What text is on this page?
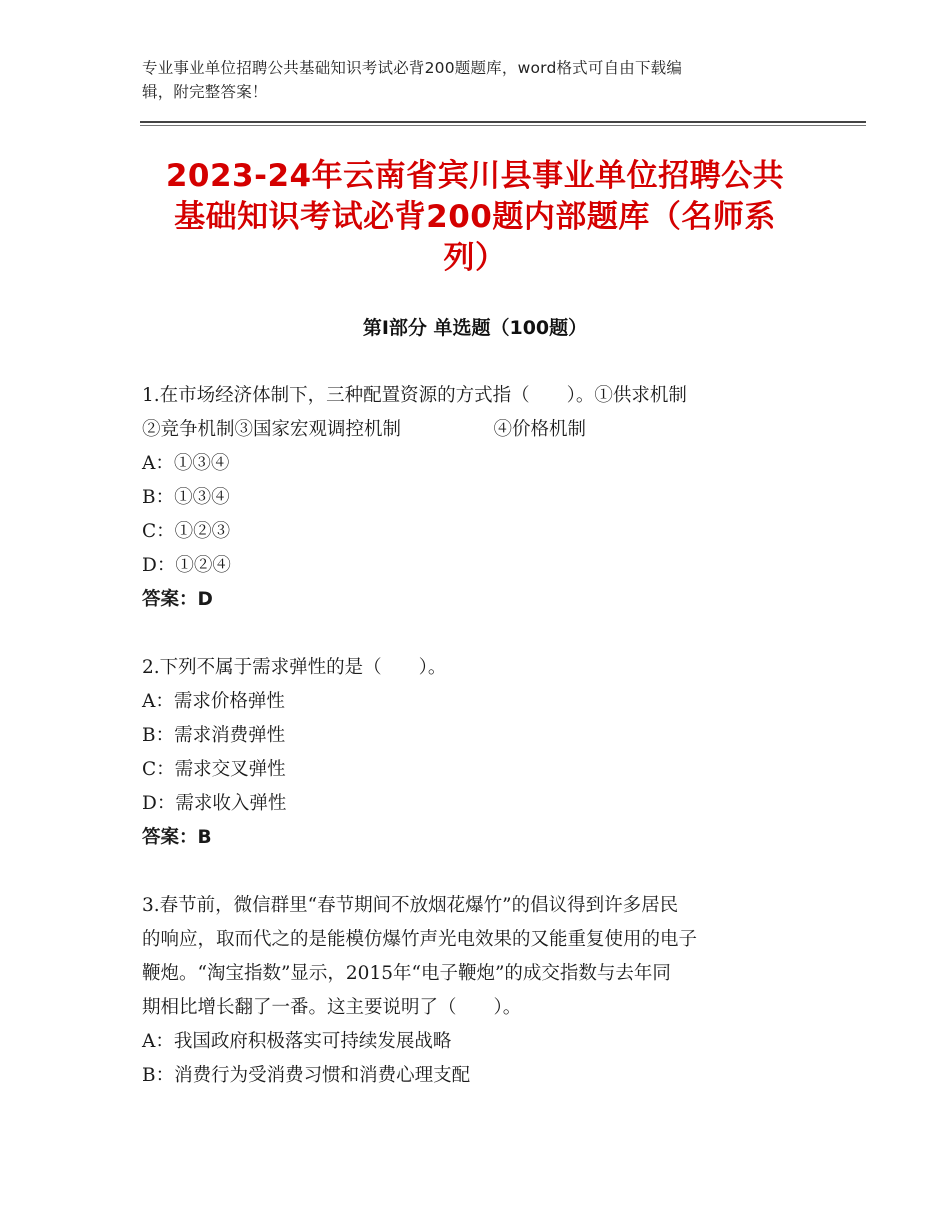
专业事业单位招聘公共基础知识考试必背200题题库，word格式可自由下载编
辑，附完整答案！
2023-24年云南省宾川县事业单位招聘公共
基础知识考试必背200题内部题库（名师系
列）
第Ⅰ部分 单选题（100题）

1.在市场经济体制下，三种配置资源的方式指（　　）。①供求机制

②竞争机制③国家宏观调控机制　　　　　④价格机制

A：①③④

B：①③④

C：①②③

D：①②④

答案：D

2.下列不属于需求弹性的是（　　）。

A：需求价格弹性

B：需求消费弹性

C：需求交叉弹性

D：需求收入弹性

答案：B

3.春节前，微信群里“春节期间不放烟花爆竹”的倡议得到许多居民

的响应，取而代之的是能模仿爆竹声光电效果的又能重复使用的电子

鞭炮。“淘宝指数”显示，2015年“电子鞭炮”的成交指数与去年同

期相比增长翻了一番。这主要说明了（　　）。

A：我国政府积极落实可持续发展战略

B：消费行为受消费习惯和消费心理支配
